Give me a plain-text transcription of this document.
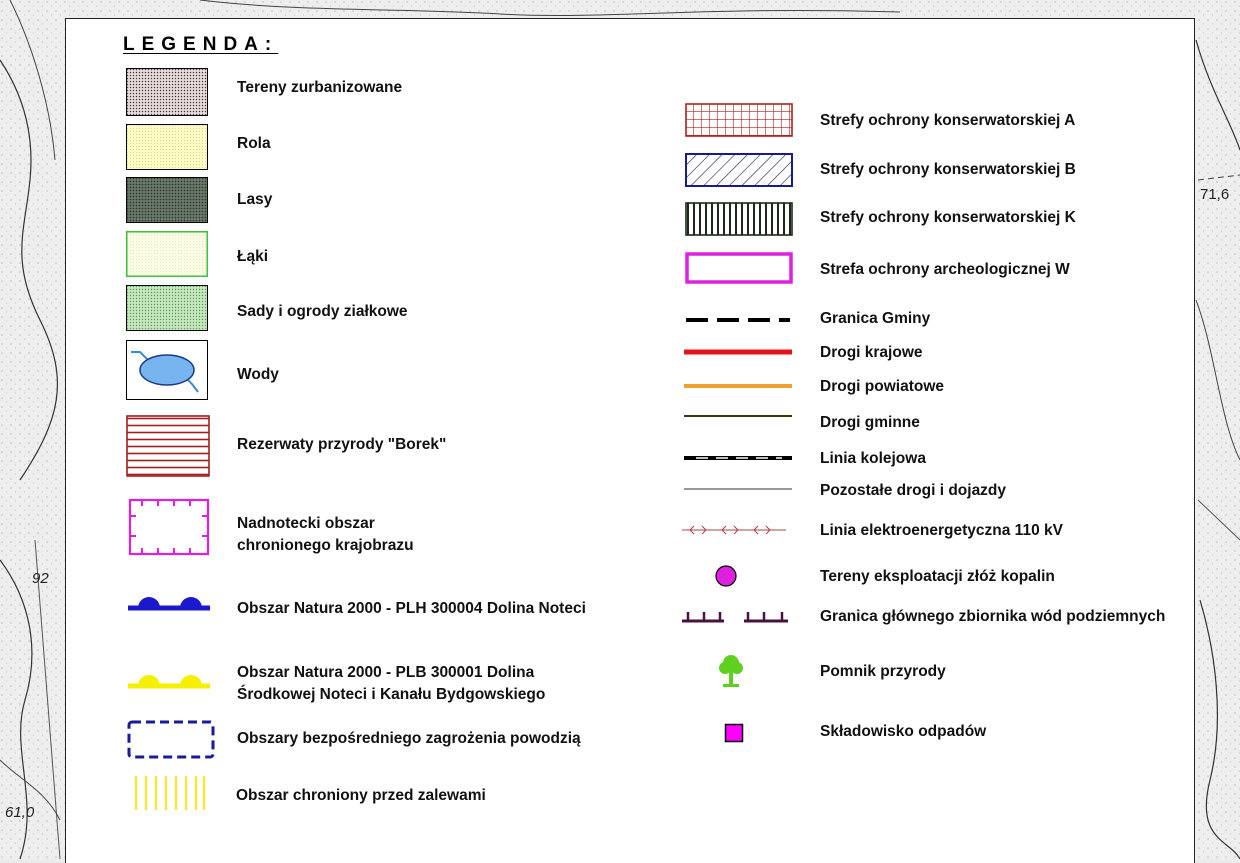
92
61,0
71,6
LEGENDA:
Tereny zurbanizowane
Rola
Lasy
Łąki
Sady i ogrody ziałkowe
Wody
Rezerwaty przyrody "Borek"
Nadnotecki obszar
chronionego krajobrazu
Obszar Natura 2000 - PLH 300004 Dolina Noteci
Obszar Natura 2000 - PLB 300001 Dolina
Środkowej Noteci i Kanału Bydgowskiego
Obszary bezpośredniego zagrożenia powodzią
Obszar chroniony przed zalewami
Strefy ochrony konserwatorskiej A
Strefy ochrony konserwatorskiej B
Strefy ochrony konserwatorskiej K
Strefa ochrony archeologicznej W
Granica Gminy
Drogi krajowe
Drogi powiatowe
Drogi gminne
Linia kolejowa
Pozostałe drogi i dojazdy
Linia elektroenergetyczna 110 kV
Tereny eksploatacji złóż kopalin
Granica głównego zbiornika wód podziemnych
Pomnik przyrody
Składowisko odpadów
